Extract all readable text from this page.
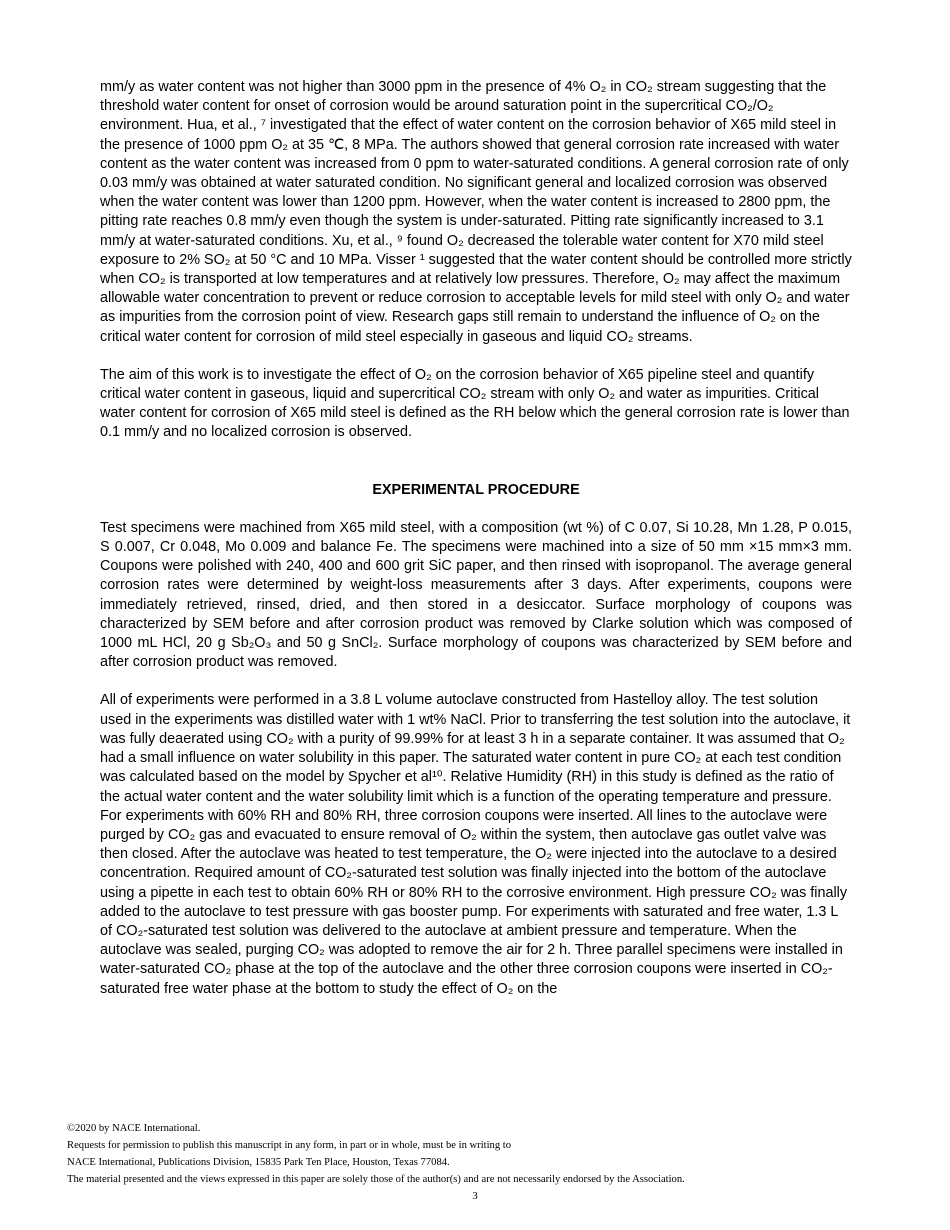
mm/y as water content was not higher than 3000 ppm in the presence of 4% O₂ in CO₂ stream suggesting that the threshold water content for onset of corrosion would be around saturation point in the supercritical CO₂/O₂ environment. Hua, et al., ⁷ investigated that the effect of water content on the corrosion behavior of X65 mild steel in the presence of 1000 ppm O₂ at 35 ℃, 8 MPa. The authors showed that general corrosion rate increased with water content as the water content was increased from 0 ppm to water-saturated conditions. A general corrosion rate of only 0.03 mm/y was obtained at water saturated condition. No significant general and localized corrosion was observed when the water content was lower than 1200 ppm. However, when the water content is increased to 2800 ppm, the pitting rate reaches 0.8 mm/y even though the system is under-saturated. Pitting rate significantly increased to 3.1 mm/y at water-saturated conditions. Xu, et al., ⁹ found O₂ decreased the tolerable water content for X70 mild steel exposure to 2% SO₂ at 50 °C and 10 MPa. Visser ¹ suggested that the water content should be controlled more strictly when CO₂ is transported at low temperatures and at relatively low pressures. Therefore, O₂ may affect the maximum allowable water concentration to prevent or reduce corrosion to acceptable levels for mild steel with only O₂ and water as impurities from the corrosion point of view. Research gaps still remain to understand the influence of O₂ on the critical water content for corrosion of mild steel especially in gaseous and liquid CO₂ streams.

The aim of this work is to investigate the effect of O₂ on the corrosion behavior of X65 pipeline steel and quantify critical water content in gaseous, liquid and supercritical CO₂ stream with only O₂ and water as impurities. Critical water content for corrosion of X65 mild steel is defined as the RH below which the general corrosion rate is lower than 0.1 mm/y and no localized corrosion is observed.

EXPERIMENTAL PROCEDURE

Test specimens were machined from X65 mild steel, with a composition (wt %) of C 0.07, Si 10.28, Mn 1.28, P 0.015, S 0.007, Cr 0.048, Mo 0.009 and balance Fe. The specimens were machined into a size of 50 mm ×15 mm×3 mm. Coupons were polished with 240, 400 and 600 grit SiC paper, and then rinsed with isopropanol. The average general corrosion rates were determined by weight-loss measurements after 3 days. After experiments, coupons were immediately retrieved, rinsed, dried, and then stored in a desiccator. Surface morphology of coupons was characterized by SEM before and after corrosion product was removed by Clarke solution which was composed of 1000 mL HCl, 20 g Sb₂O₃ and 50 g SnCl₂. Surface morphology of coupons was characterized by SEM before and after corrosion product was removed.

All of experiments were performed in a 3.8 L volume autoclave constructed from Hastelloy alloy. The test solution used in the experiments was distilled water with 1 wt% NaCl. Prior to transferring the test solution into the autoclave, it was fully deaerated using CO₂ with a purity of 99.99% for at least 3 h in a separate container. It was assumed that O₂ had a small influence on water solubility in this paper. The saturated water content in pure CO₂ at each test condition was calculated based on the model by Spycher et al¹⁰. Relative Humidity (RH) in this study is defined as the ratio of the actual water content and the water solubility limit which is a function of the operating temperature and pressure. For experiments with 60% RH and 80% RH, three corrosion coupons were inserted. All lines to the autoclave were purged by CO₂ gas and evacuated to ensure removal of O₂ within the system, then autoclave gas outlet valve was then closed. After the autoclave was heated to test temperature, the O₂ were injected into the autoclave to a desired concentration. Required amount of CO₂-saturated test solution was finally injected into the bottom of the autoclave using a pipette in each test to obtain 60% RH or 80% RH to the corrosive environment. High pressure CO₂ was finally added to the autoclave to test pressure with gas booster pump. For experiments with saturated and free water, 1.3 L of CO₂-saturated test solution was delivered to the autoclave at ambient pressure and temperature. When the autoclave was sealed, purging CO₂ was adopted to remove the air for 2 h. Three parallel specimens were installed in water-saturated CO₂ phase at the top of the autoclave and the other three corrosion coupons were inserted in CO₂-saturated free water phase at the bottom to study the effect of O₂ on the

©2020 by NACE International.

Requests for permission to publish this manuscript in any form, in part or in whole, must be in writing to

NACE International, Publications Division, 15835 Park Ten Place, Houston, Texas 77084.

The material presented and the views expressed in this paper are solely those of the author(s) and are not necessarily endorsed by the Association.

3
